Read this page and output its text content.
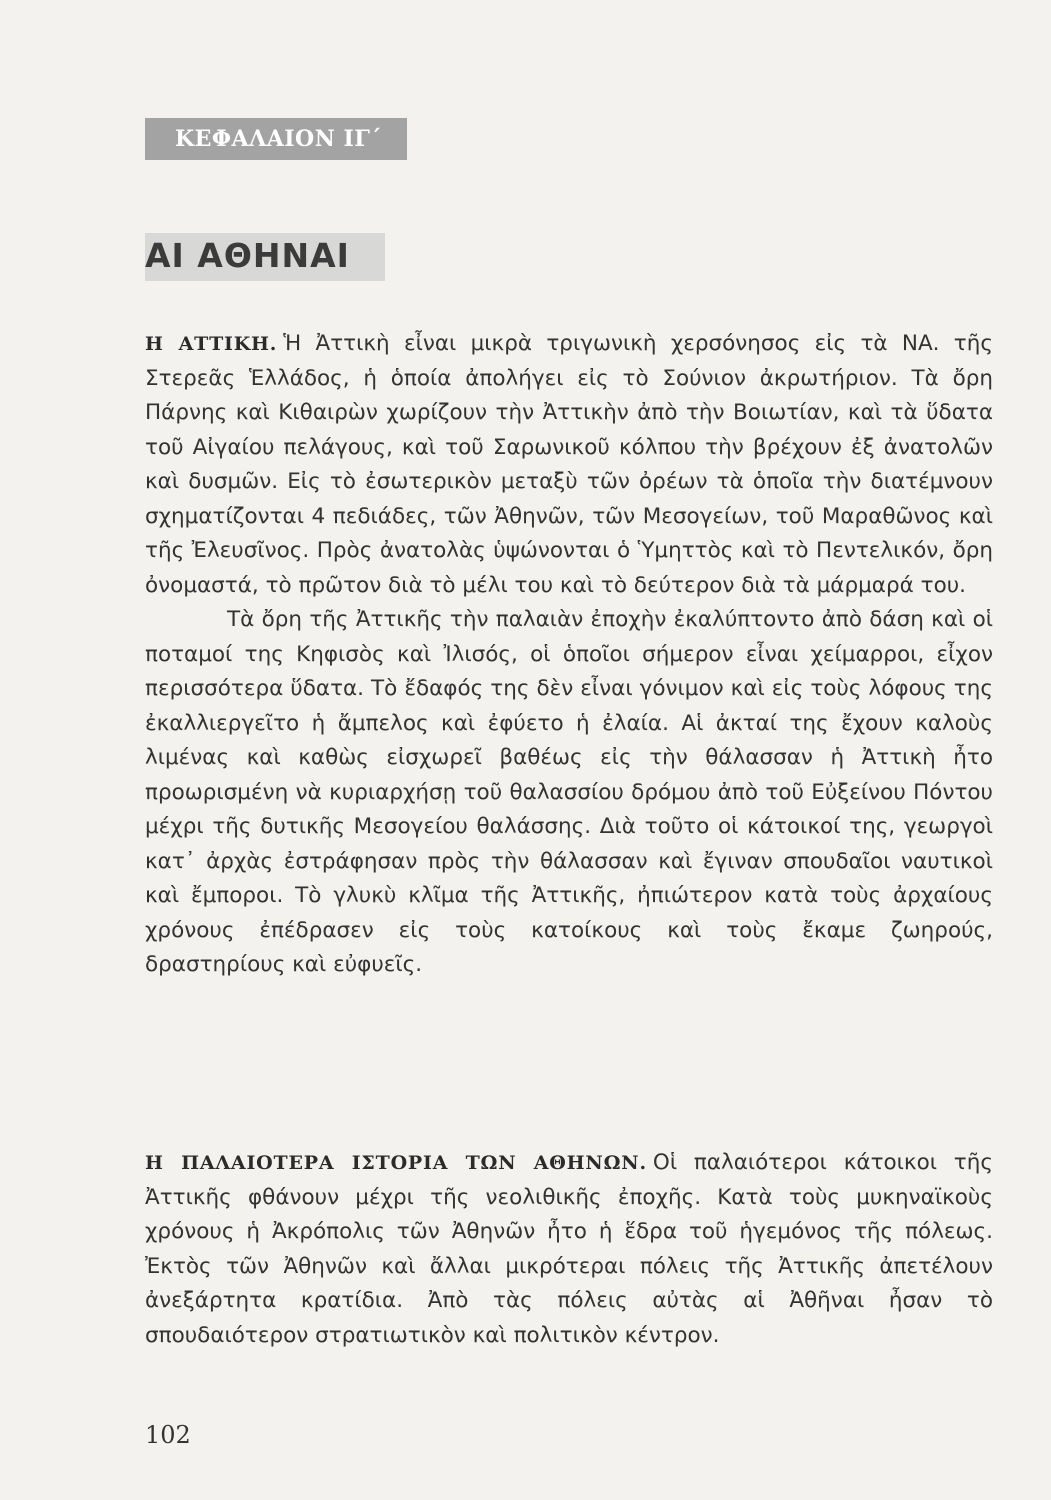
ΚΕΦΑΛΑΙΟΝ ΙΓ΄
ΑΙ ΑΘΗΝΑΙ

Η ΑΤΤΙΚΗ. Ἡ Ἀττικὴ εἶναι μικρὰ τριγωνικὴ χερσόνησος εἰς τὰ ΝΑ. τῆς Στερεᾶς Ἑλλάδος, ἡ ὁποία ἀπολήγει εἰς τὸ Σούνιον ἀκρωτήριον. Τὰ ὄρη Πάρνης καὶ Κιθαιρὼν χωρίζουν τὴν Ἀττικὴν ἀπὸ τὴν Βοιωτίαν, καὶ τὰ ὕδατα τοῦ Αἰγαίου πελάγους, καὶ τοῦ Σαρωνικοῦ κόλπου τὴν βρέχουν ἐξ ἀνατολῶν καὶ δυσμῶν. Εἰς τὸ ἐσωτερικὸν μεταξὺ τῶν ὀρέων τὰ ὁποῖα τὴν διατέμνουν σχηματίζονται 4 πεδιάδες, τῶν Ἀθηνῶν, τῶν Μεσογείων, τοῦ Μαραθῶνος καὶ τῆς Ἐλευσῖνος. Πρὸς ἀνατολὰς ὑψώνονται ὁ Ὑμηττὸς καὶ τὸ Πεντελικόν, ὄρη ὀνομαστά, τὸ πρῶτον διὰ τὸ μέλι του καὶ τὸ δεύτερον διὰ τὰ μάρμαρά του.

Τὰ ὄρη τῆς Ἀττικῆς τὴν παλαιὰν ἐποχὴν ἐκαλύπτοντο ἀπὸ δάση καὶ οἱ ποταμοί της Κηφισὸς καὶ Ἰλισός, οἱ ὁποῖοι σήμερον εἶναι χείμαρροι, εἶχον περισσότερα ὕδατα. Τὸ ἔδαφός της δὲν εἶναι γόνιμον καὶ εἰς τοὺς λόφους της ἐκαλλιεργεῖτο ἡ ἄμπελος καὶ ἐφύετο ἡ ἐλαία. Αἱ ἀκταί της ἔχουν καλοὺς λιμένας καὶ καθὼς εἰσχωρεῖ βαθέως εἰς τὴν θάλασσαν ἡ Ἀττικὴ ἦτο προωρισμένη νὰ κυριαρχήσῃ τοῦ θαλασσίου δρόμου ἀπὸ τοῦ Εὐξείνου Πόντου μέχρι τῆς δυτικῆς Μεσογείου θαλάσσης. Διὰ τοῦτο οἱ κάτοικοί της, γεωργοὶ κατ᾽ ἀρχὰς ἐστράφησαν πρὸς τὴν θάλασσαν καὶ ἔγιναν σπουδαῖοι ναυτικοὶ καὶ ἔμποροι. Τὸ γλυκὺ κλῖμα τῆς Ἀττικῆς, ἠπιώτερον κατὰ τοὺς ἀρχαίους χρόνους ἐπέδρασεν εἰς τοὺς κατοίκους καὶ τοὺς ἔκαμε ζωηρούς, δραστηρίους καὶ εὐφυεῖς.

Η ΠΑΛΑΙΟΤΕΡΑ ΙΣΤΟΡΙΑ ΤΩΝ ΑΘΗΝΩΝ. Οἱ παλαιότεροι κάτοικοι τῆς Ἀττικῆς φθάνουν μέχρι τῆς νεολιθικῆς ἐποχῆς. Κατὰ τοὺς μυκηναϊκοὺς χρόνους ἡ Ἀκρόπολις τῶν Ἀθηνῶν ἦτο ἡ ἕδρα τοῦ ἡγεμόνος τῆς πόλεως. Ἐκτὸς τῶν Ἀθηνῶν καὶ ἄλλαι μικρότεραι πόλεις τῆς Ἀττικῆς ἀπετέλουν ἀνεξάρτητα κρατίδια. Ἀπὸ τὰς πόλεις αὐτὰς αἱ Ἀθῆναι ἦσαν τὸ σπουδαιότερον στρατιωτικὸν καὶ πολιτικὸν κέντρον.

102
